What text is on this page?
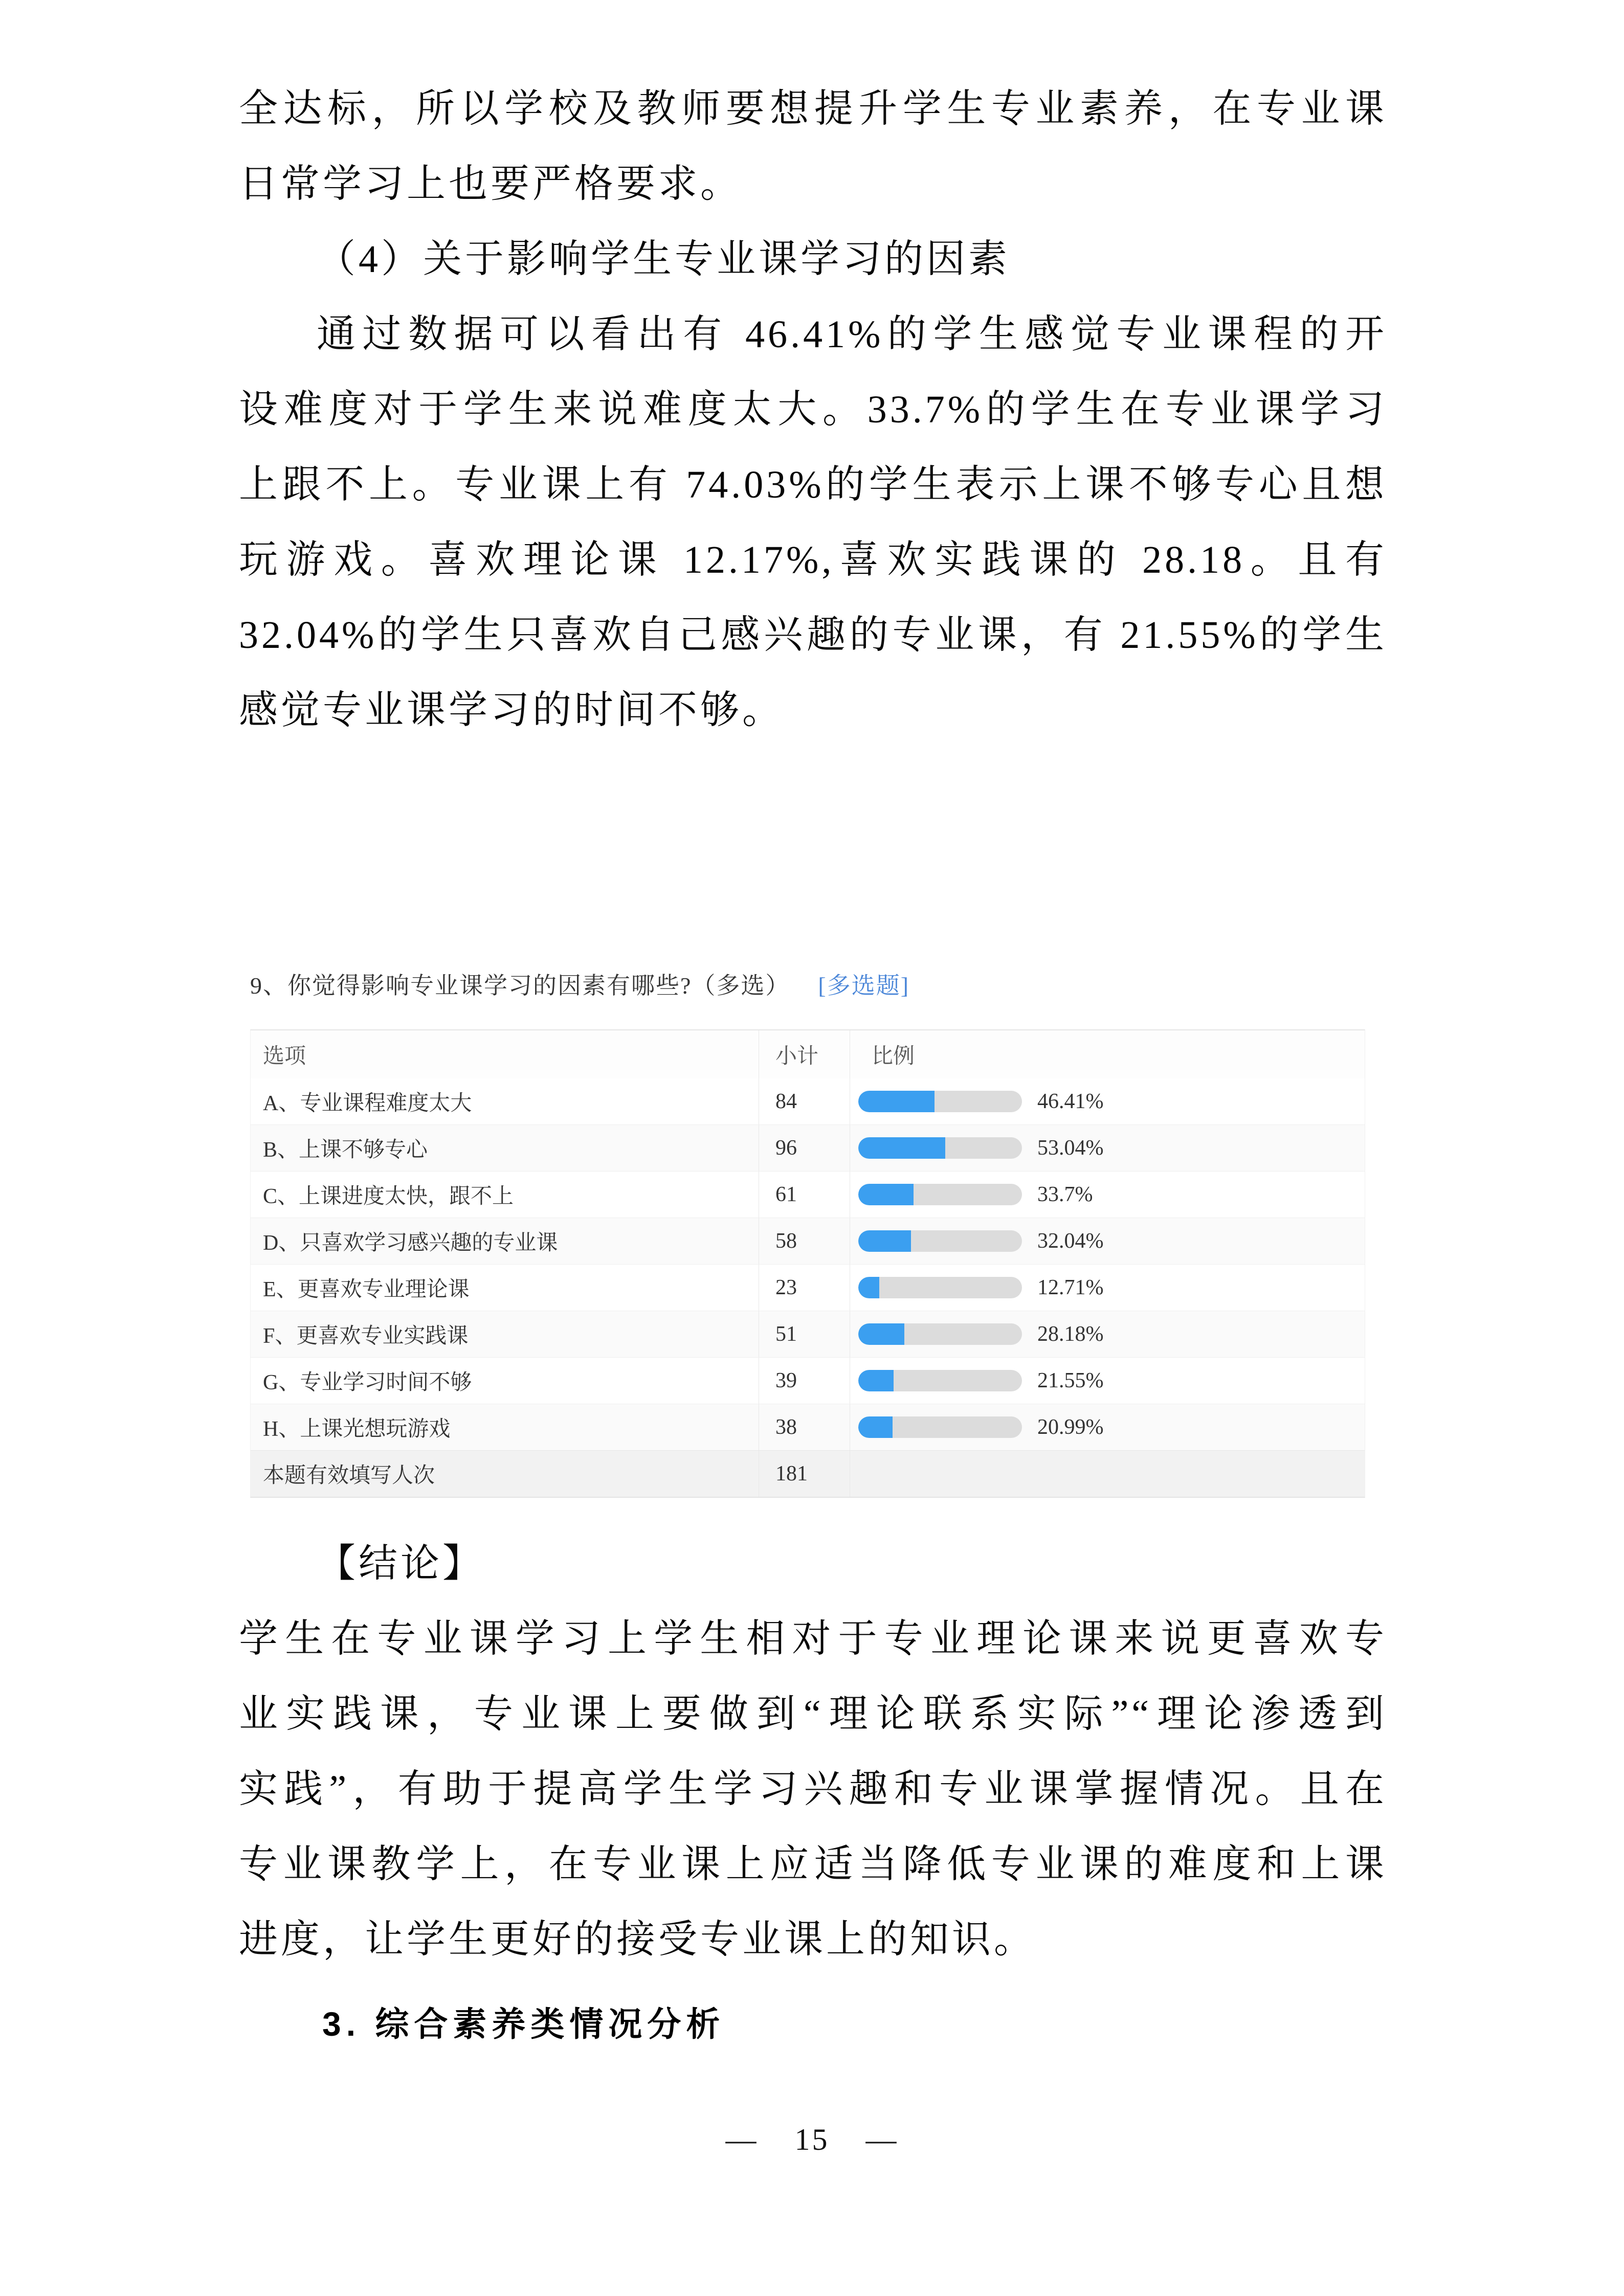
全达标，所以学校及教师要想提升学生专业素养，在专业课
日常学习上也要严格要求。
（4）关于影响学生专业课学习的因素
通过数据可以看出有 46.41%的学生感觉专业课程的开
设难度对于学生来说难度太大。33.7%的学生在专业课学习
上跟不上。专业课上有 74.03%的学生表示上课不够专心且想
玩游戏。喜欢理论课 12.17%,喜欢实践课的 28.18。且有
32.04%的学生只喜欢自己感兴趣的专业课，有 21.55%的学生
感觉专业课学习的时间不够。
9、你觉得影响专业课学习的因素有哪些?（多选） [多选题]
选项	小计	比例
A、专业课程难度太大	84	46.41%
B、上课不够专心	96	53.04%
C、上课进度太快，跟不上	61	33.7%
D、只喜欢学习感兴趣的专业课	58	32.04%
E、更喜欢专业理论课	23	12.71%
F、更喜欢专业实践课	51	28.18%
G、专业学习时间不够	39	21.55%
H、上课光想玩游戏	38	20.99%
本题有效填写人次	181
【结论】
学生在专业课学习上学生相对于专业理论课来说更喜欢专
业实践课，专业课上要做到“理论联系实际”“理论渗透到
实践”，有助于提高学生学习兴趣和专业课掌握情况。且在
专业课教学上，在专业课上应适当降低专业课的难度和上课
进度，让学生更好的接受专业课上的知识。
3. 综合素养类情况分析
— 15 —
